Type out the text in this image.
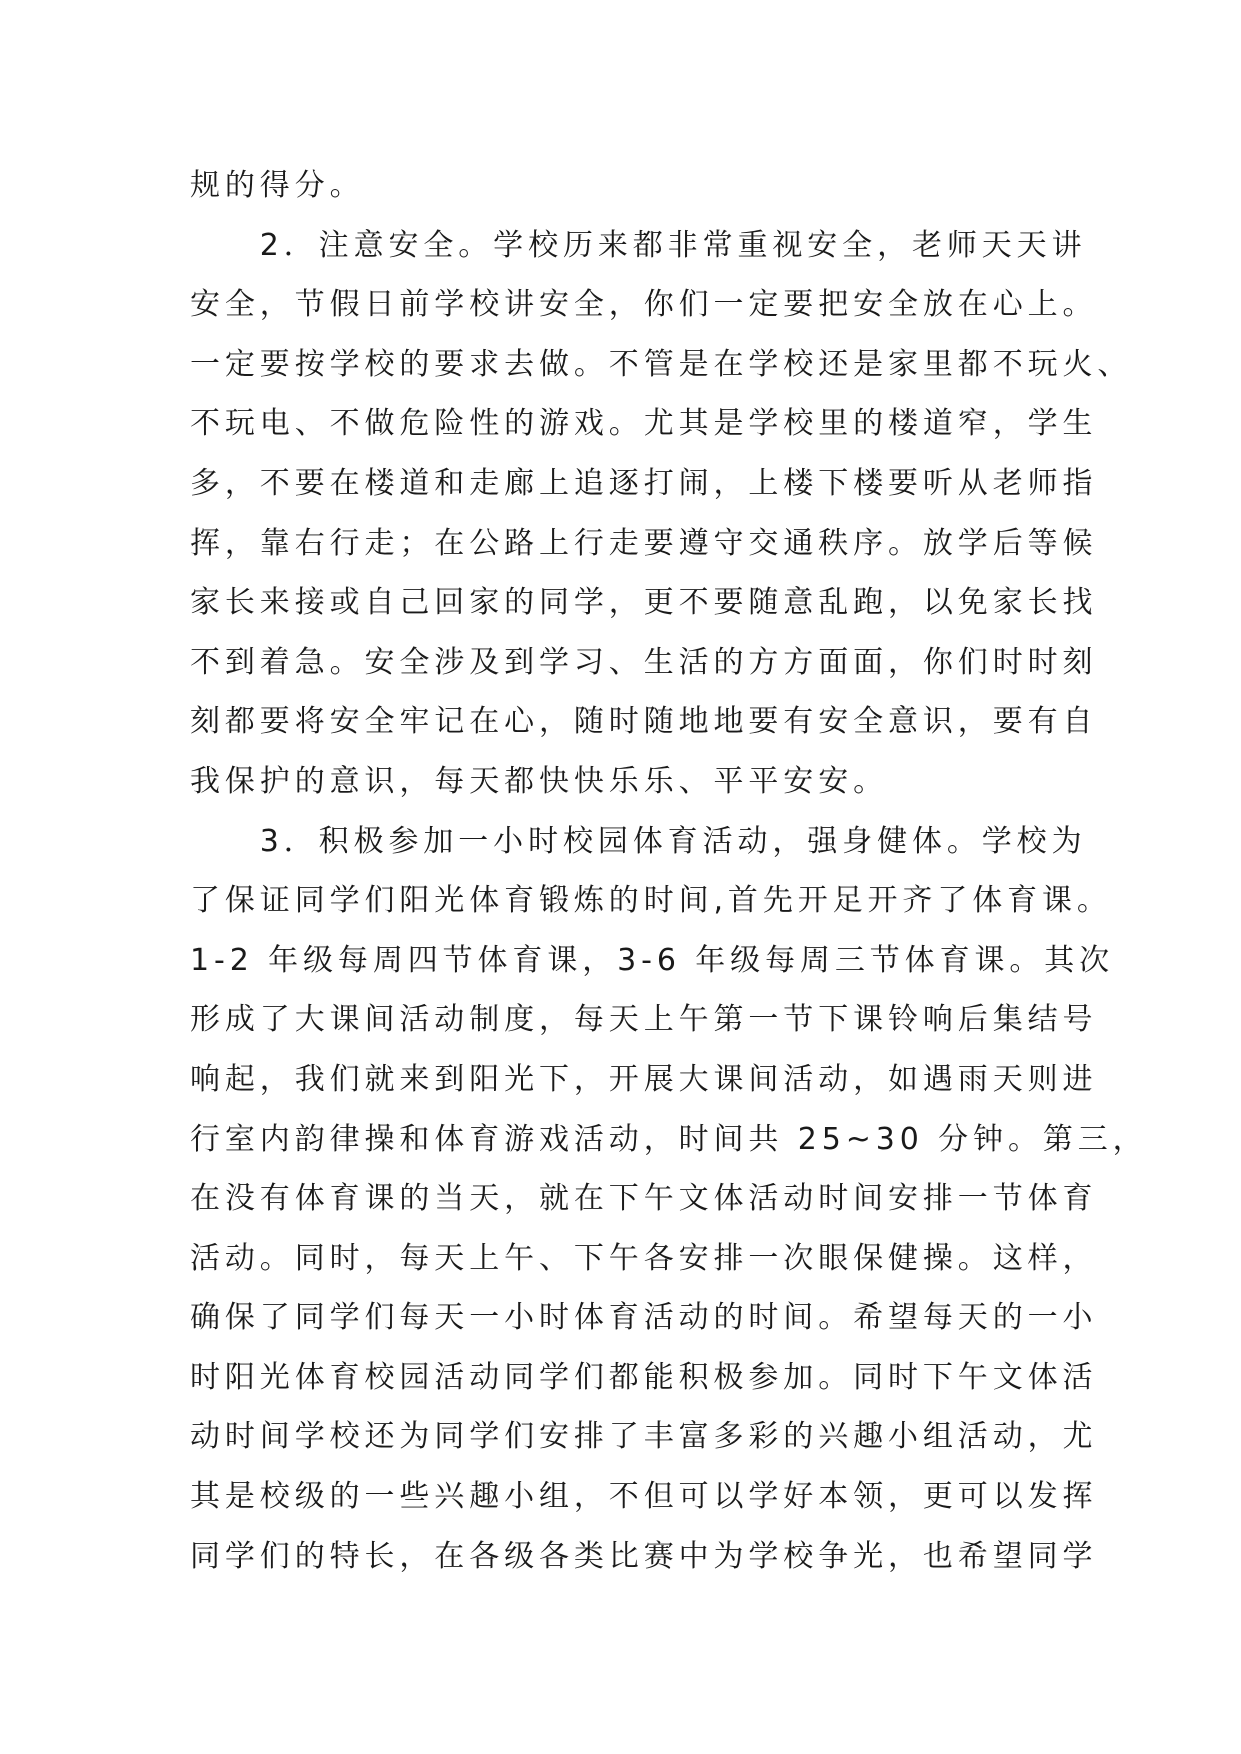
规的得分。
　　2．注意安全。学校历来都非常重视安全，老师天天讲
安全，节假日前学校讲安全，你们一定要把安全放在心上。
一定要按学校的要求去做。不管是在学校还是家里都不玩火、
不玩电、不做危险性的游戏。尤其是学校里的楼道窄，学生
多，不要在楼道和走廊上追逐打闹，上楼下楼要听从老师指
挥，靠右行走；在公路上行走要遵守交通秩序。放学后等候
家长来接或自己回家的同学，更不要随意乱跑，以免家长找
不到着急。安全涉及到学习、生活的方方面面，你们时时刻
刻都要将安全牢记在心，随时随地地要有安全意识，要有自
我保护的意识，每天都快快乐乐、平平安安。
　　3．积极参加一小时校园体育活动，强身健体。学校为
了保证同学们阳光体育锻炼的时间,首先开足开齐了体育课。
1-2 年级每周四节体育课，3-6 年级每周三节体育课。其次
形成了大课间活动制度，每天上午第一节下课铃响后集结号
响起，我们就来到阳光下，开展大课间活动，如遇雨天则进
行室内韵律操和体育游戏活动，时间共 25~30 分钟。第三，
在没有体育课的当天，就在下午文体活动时间安排一节体育
活动。同时，每天上午、下午各安排一次眼保健操。这样，
确保了同学们每天一小时体育活动的时间。希望每天的一小
时阳光体育校园活动同学们都能积极参加。同时下午文体活
动时间学校还为同学们安排了丰富多彩的兴趣小组活动，尤
其是校级的一些兴趣小组，不但可以学好本领，更可以发挥
同学们的特长，在各级各类比赛中为学校争光，也希望同学
